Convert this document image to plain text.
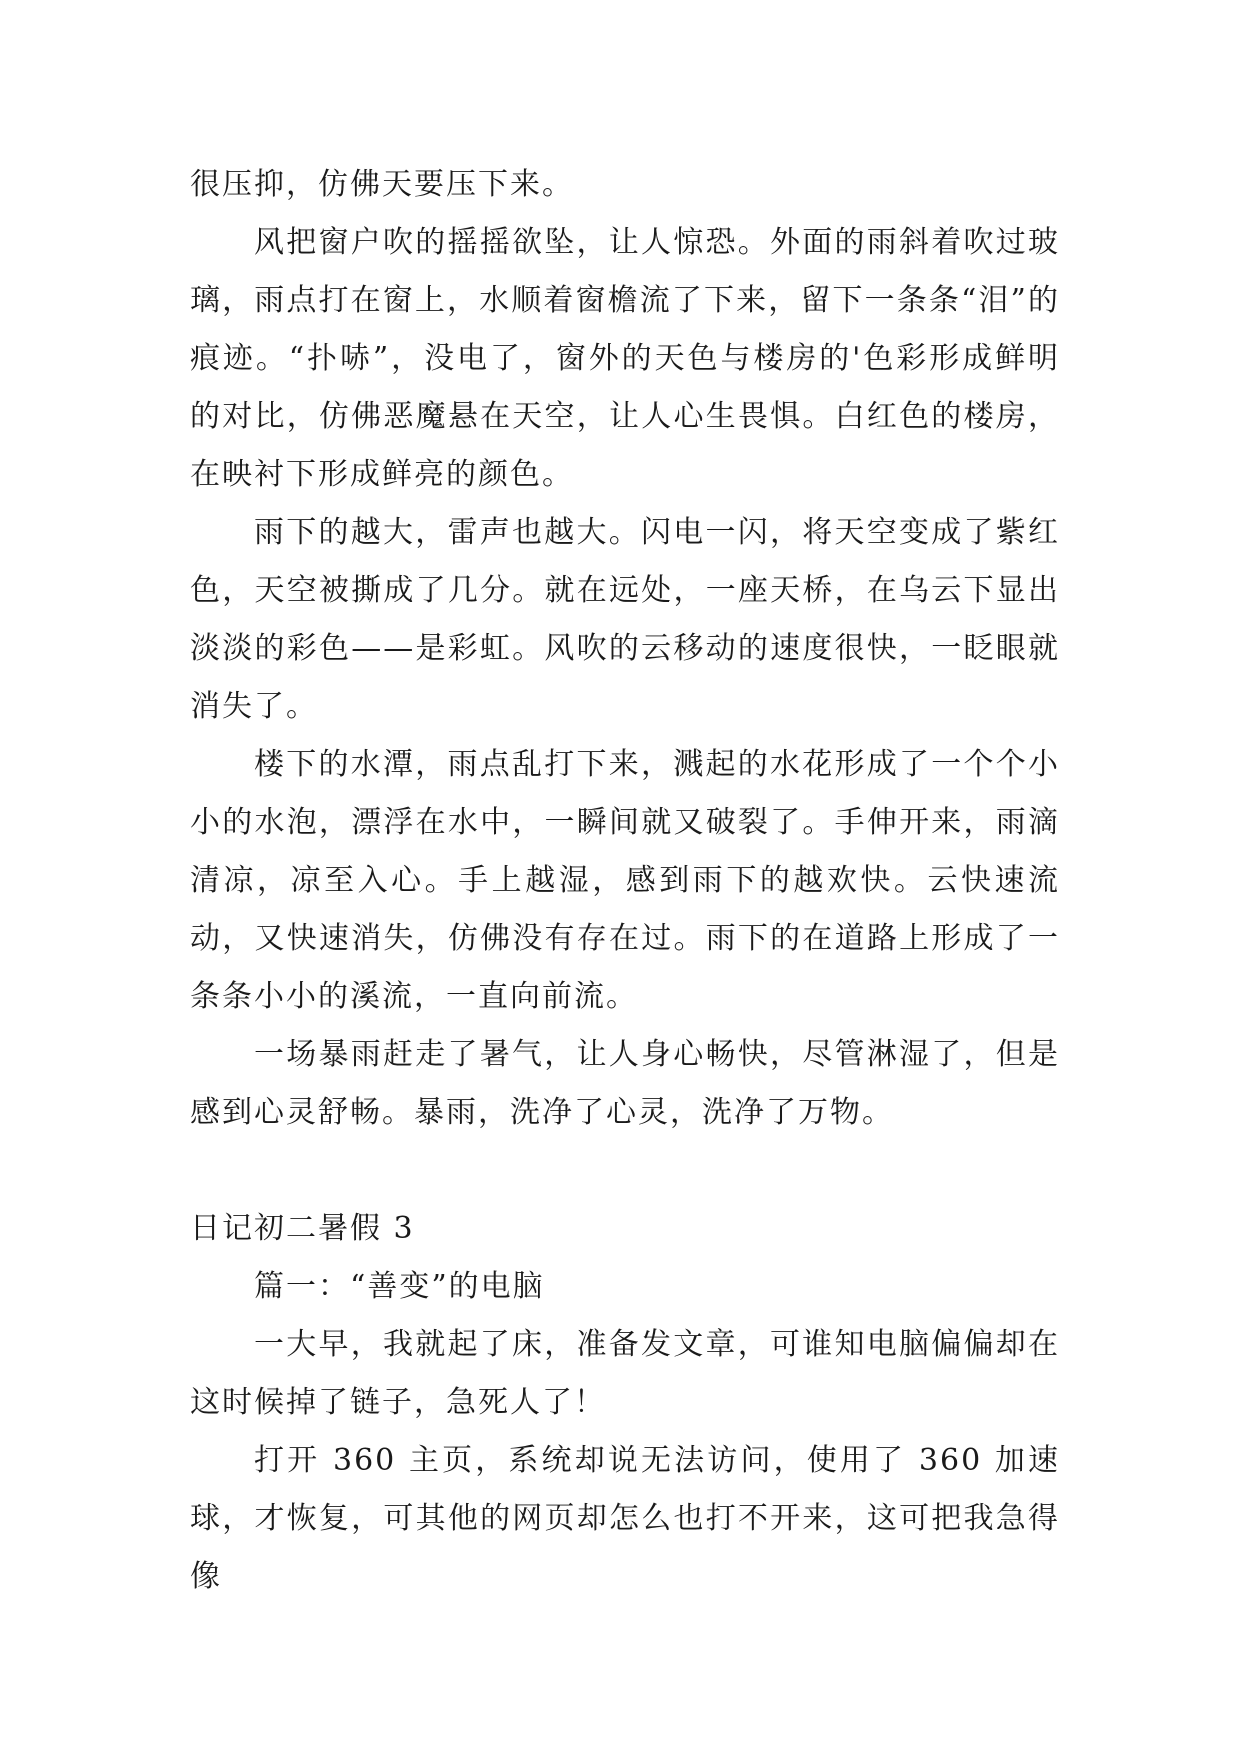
很压抑，仿佛天要压下来。

风把窗户吹的摇摇欲坠，让人惊恐。外面的雨斜着吹过玻璃，雨点打在窗上，水顺着窗檐流了下来，留下一条条“泪”的痕迹。“扑哧”，没电了，窗外的天色与楼房的'色彩形成鲜明的对比，仿佛恶魔悬在天空，让人心生畏惧。白红色的楼房，在映衬下形成鲜亮的颜色。

雨下的越大，雷声也越大。闪电一闪，将天空变成了紫红色，天空被撕成了几分。就在远处，一座天桥，在乌云下显出淡淡的彩色——是彩虹。风吹的云移动的速度很快，一眨眼就消失了。

楼下的水潭，雨点乱打下来，溅起的水花形成了一个个小小的水泡，漂浮在水中，一瞬间就又破裂了。手伸开来，雨滴清凉，凉至入心。手上越湿，感到雨下的越欢快。云快速流动，又快速消失，仿佛没有存在过。雨下的在道路上形成了一条条小小的溪流，一直向前流。

一场暴雨赶走了暑气，让人身心畅快，尽管淋湿了，但是感到心灵舒畅。暴雨，洗净了心灵，洗净了万物。

日记初二暑假 3

篇一：“善变”的电脑

一大早，我就起了床，准备发文章，可谁知电脑偏偏却在这时候掉了链子，急死人了！

打开 360 主页，系统却说无法访问，使用了 360 加速球，才恢复，可其他的网页却怎么也打不开来，这可把我急得像
